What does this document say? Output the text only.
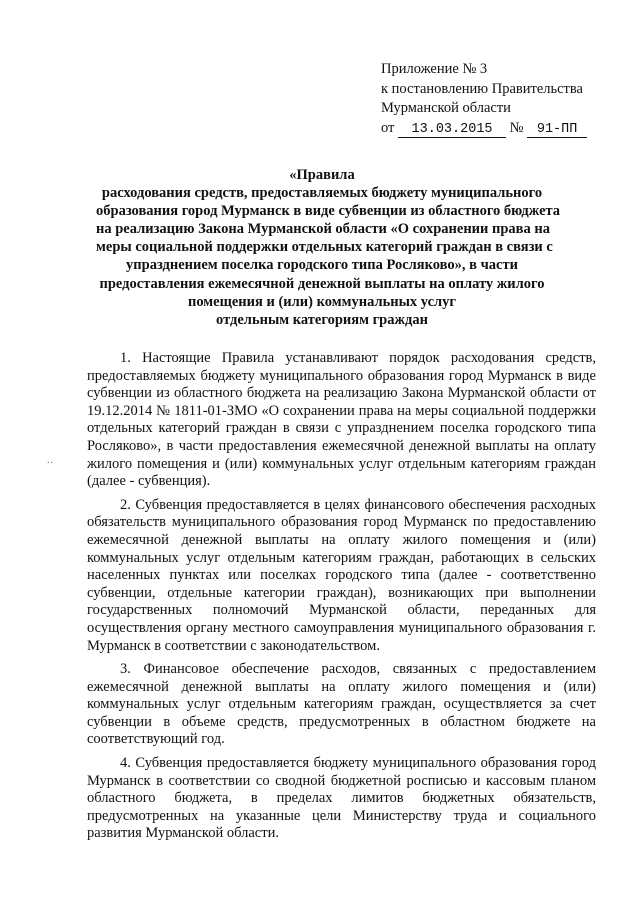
Приложение № 3
к постановлению Правительства
Мурманской области
от 13.03.2015 № 91-ПП
«Правила
расходования средств, предоставляемых бюджету муниципального
образования город Мурманск в виде субвенции из областного бюджета
на реализацию Закона Мурманской области «О сохранении права на
меры социальной поддержки отдельных категорий граждан в связи с
упразднением поселка городского типа Росляково», в части
предоставления ежемесячной денежной выплаты на оплату жилого
помещения и (или) коммунальных услуг
отдельным категориям граждан
..

1. Настоящие Правила устанавливают порядок расходования средств, предоставляемых бюджету муниципального образования город Мурманск в виде субвенции из областного бюджета на реализацию Закона Мурманской области от 19.12.2014 № 1811-01-ЗМО «О сохранении права на меры социальной поддержки отдельных категорий граждан в связи с упразднением поселка городского типа Росляково», в части предоставления ежемесячной денежной выплаты на оплату жилого помещения и (или) коммунальных услуг отдельным категориям граждан (далее - субвенция).

2. Субвенция предоставляется в целях финансового обеспечения расходных обязательств муниципального образования город Мурманск по предоставлению ежемесячной денежной выплаты на оплату жилого помещения и (или) коммунальных услуг отдельным категориям граждан, работающих в сельских населенных пунктах или поселках городского типа (далее - соответственно субвенции, отдельные категории граждан), возникающих при выполнении государственных полномочий Мурманской области, переданных для осуществления органу местного самоуправления муниципального образования г. Мурманск в соответствии с законодательством.

3. Финансовое обеспечение расходов, связанных с предоставлением ежемесячной денежной выплаты на оплату жилого помещения и (или) коммунальных услуг отдельным категориям граждан, осуществляется за счет субвенции в объеме средств, предусмотренных в областном бюджете на соответствующий год.

4. Субвенция предоставляется бюджету муниципального образования город Мурманск в соответствии со сводной бюджетной росписью и кассовым планом областного бюджета, в пределах лимитов бюджетных обязательств, предусмотренных на указанные цели Министерству труда и социального развития Мурманской области.
